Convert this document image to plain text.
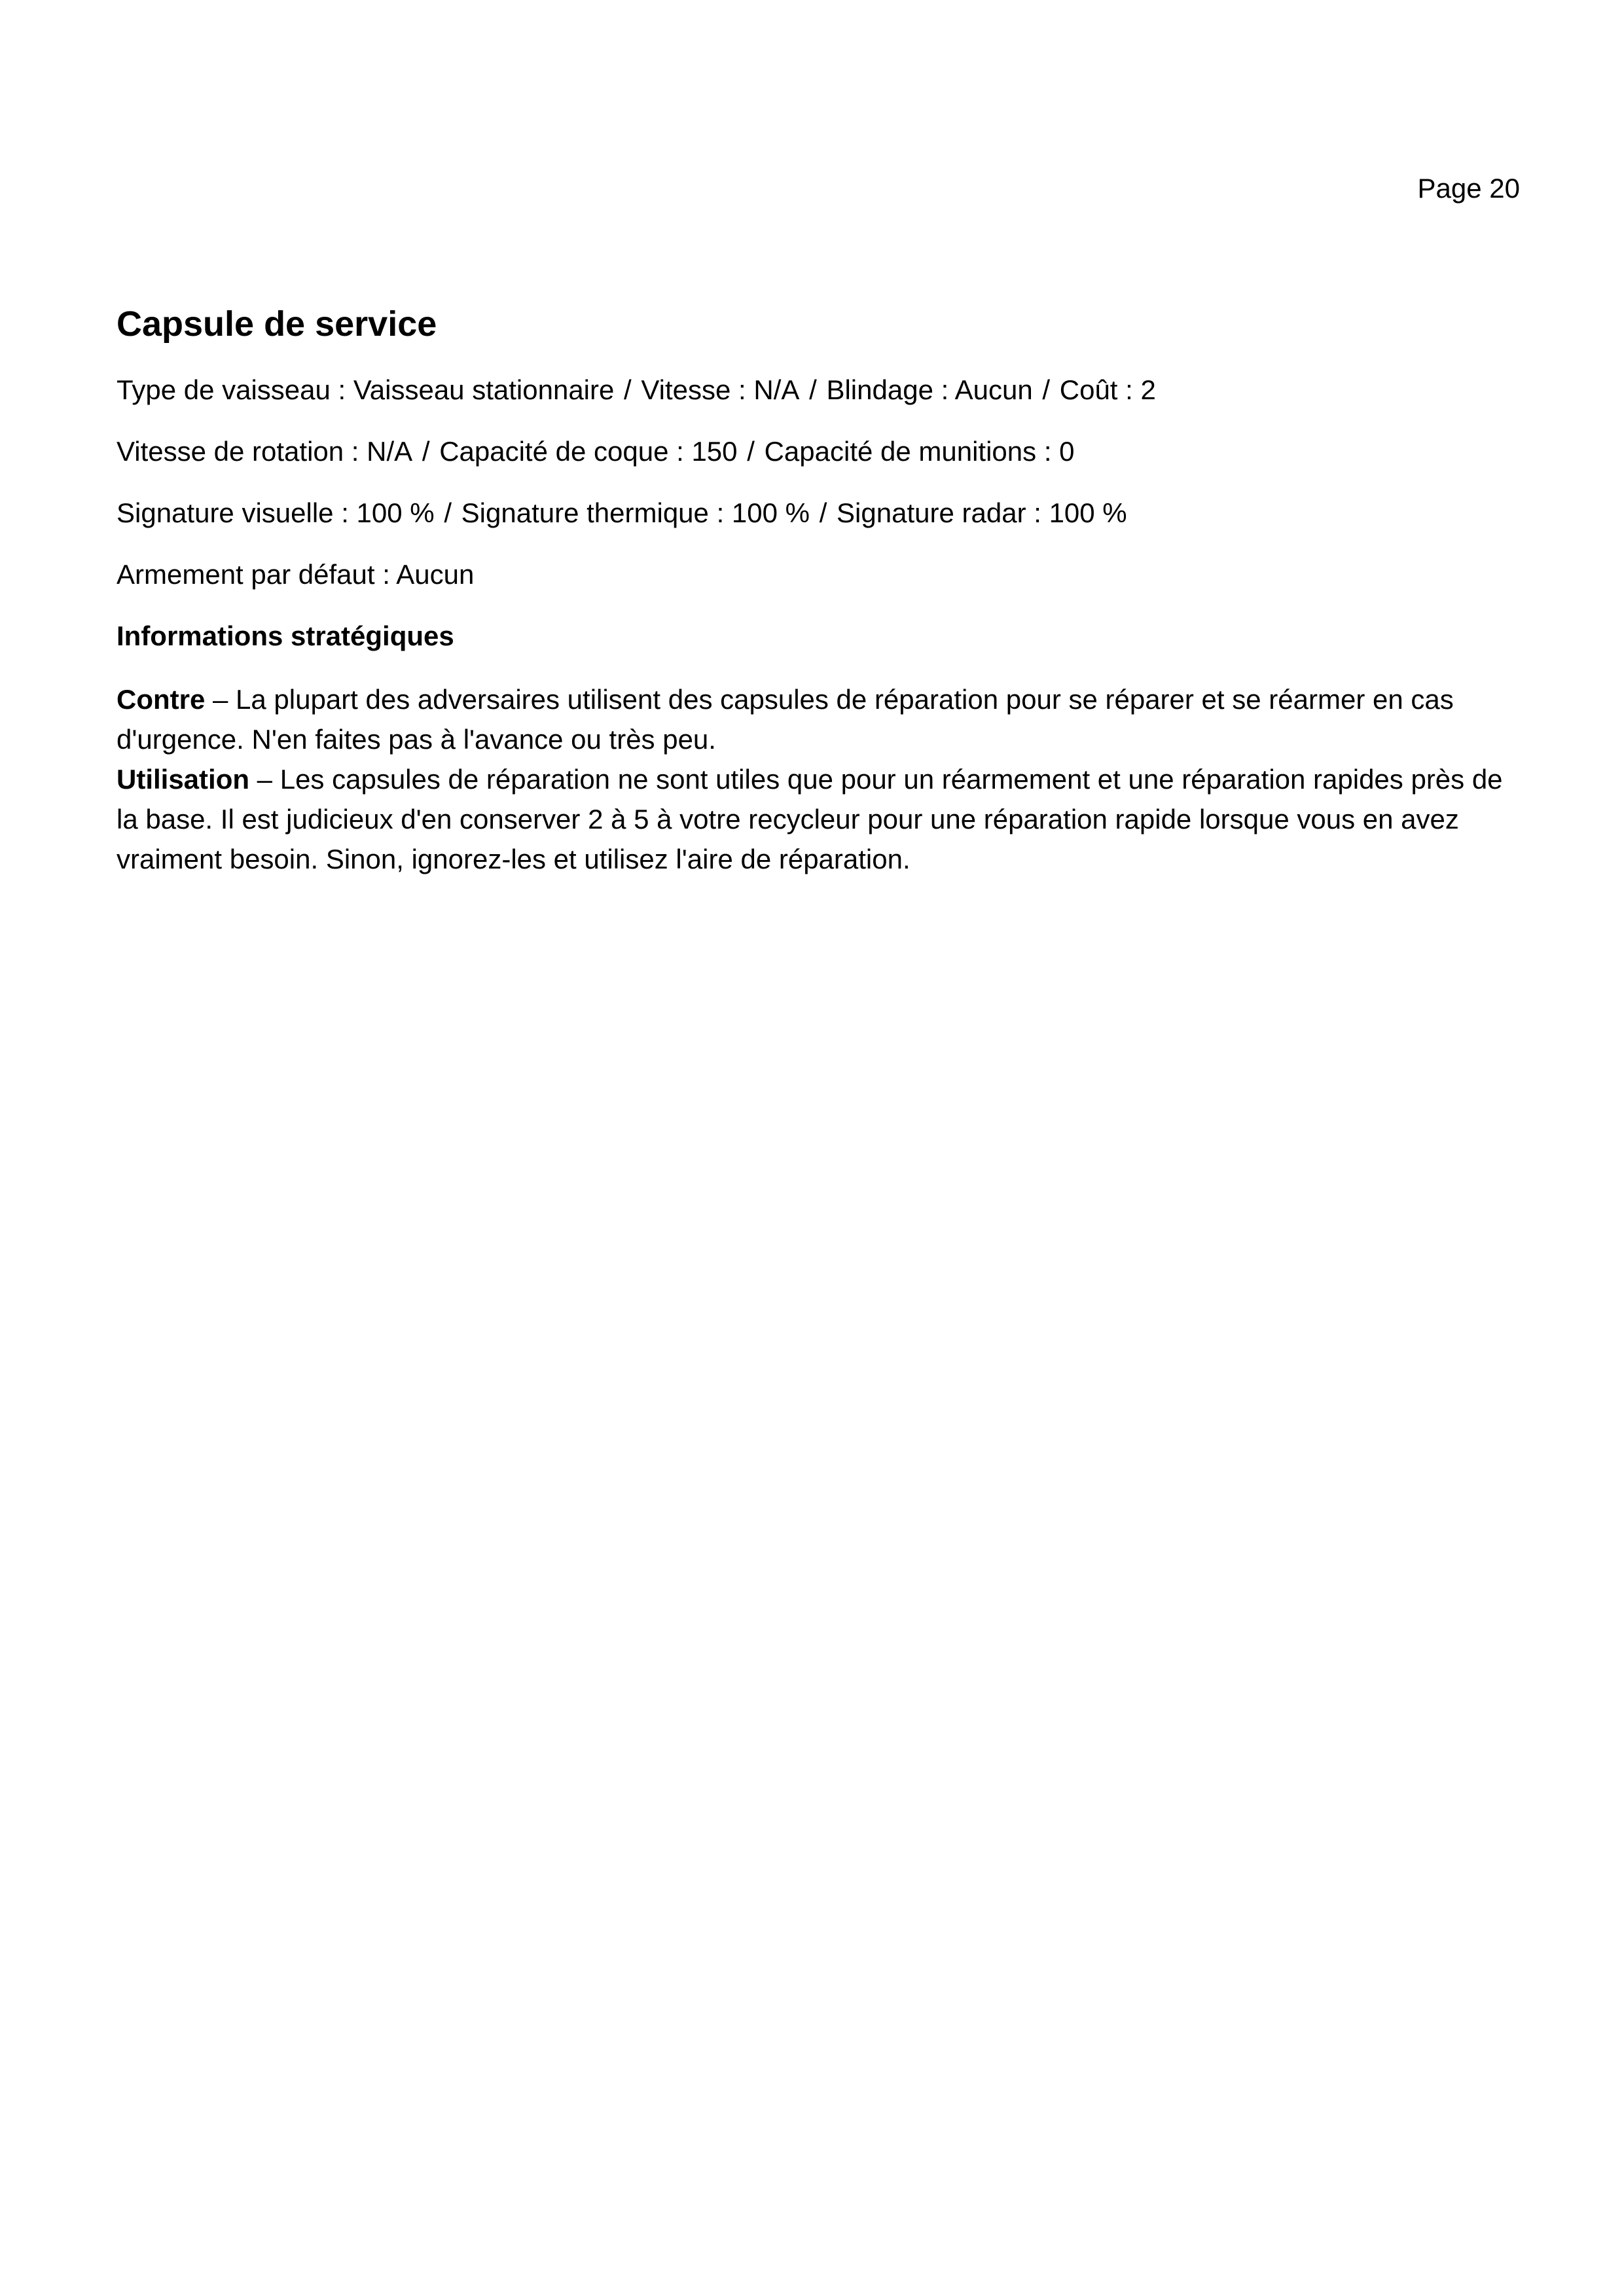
Page 20
Capsule de service

Type de vaisseau : Vaisseau stationnaire / Vitesse : N/A / Blindage : Aucun / Coût : 2

Vitesse de rotation : N/A / Capacité de coque : 150 / Capacité de munitions : 0

Signature visuelle : 100 % / Signature thermique : 100 % / Signature radar : 100 %

Armement par défaut : Aucun

Informations stratégiques

Contre – La plupart des adversaires utilisent des capsules de réparation pour se réparer et se réarmer en cas d'urgence. N'en faites pas à l'avance ou très peu.

Utilisation – Les capsules de réparation ne sont utiles que pour un réarmement et une réparation rapides près de la base. Il est judicieux d'en conserver 2 à 5 à votre recycleur pour une réparation rapide lorsque vous en avez vraiment besoin. Sinon, ignorez-les et utilisez l'aire de réparation.
